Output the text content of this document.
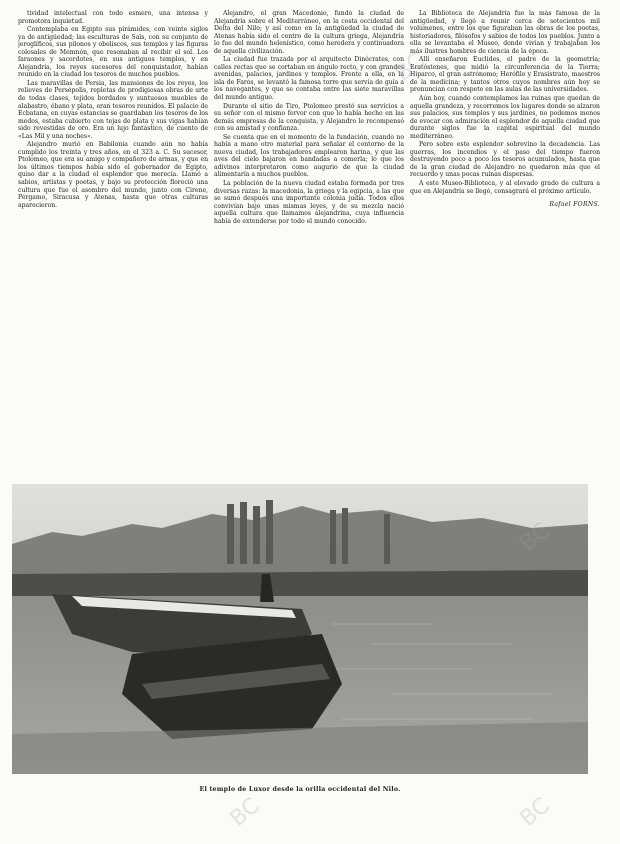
tividad intelectual con todo esmero, una intensa y promotora inquietud.

Contemplaba en Egipto sus pirámides, con veinte siglos ya de antigüedad; las esculturas de Saïs, con su conjunto de jeroglíficos, sus pilonos y obeliscos, sus templos y las figuras colosales de Memnón, que resonaban al recibir el sol. Los faraones y sacerdotes, en sus antiguos templos, y en Alejandría, los reyes sucesores del conquistador, habían reunido en la ciudad los tesoros de muchos pueblos.

Las maravillas de Persia, las mansiones de los reyes, los relieves de Persépolis, repletas de prodigiosas obras de arte de todas clases, tejidos bordados y suntuosos muebles de alabastro, ébano y plata, eran tesoros reunidos. El palacio de Ecbatana, en cuyas estancias se guardaban los tesoros de los medos, estaba cubierto con tejas de plata y sus vigas habían sido revestidas de oro. Era un lujo fantástico, de cuento de «Las Mil y una noches».

Alejandro murió en Babilonia cuando aún no había cumplido los treinta y tres años, en el 323 a. C. Su sucesor, Ptolomeo, que era su amigo y compañero de armas, y que en los últimos tiempos había sido el gobernador de Egipto, quiso dar a la ciudad el esplendor que merecía. Llamó a sabios, artistas y poetas, y bajo su protección floreció una cultura que fue el asombro del mundo, junto con Cirene, Pérgamo, Siracusa y Atenas, hasta que otras culturas aparecieron.

Alejandro, el gran Macedonio, fundó la ciudad de Alejandría sobre el Mediterráneo, en la costa occidental del Delta del Nilo; y así como en la antigüedad la ciudad de Atenas había sido el centro de la cultura griega, Alejandría lo fue del mundo helenístico, como heredera y continuadora de aquella civilización.

La ciudad fue trazada por el arquitecto Dinócrates, con calles rectas que se cortaban en ángulo recto, y con grandes avenidas, palacios, jardines y templos. Frente a ella, en la isla de Faros, se levantó la famosa torre que servía de guía a los navegantes, y que se contaba entre las siete maravillas del mundo antiguo.

Durante el sitio de Tiro, Ptolomeo prestó sus servicios a su señor con el mismo fervor con que lo había hecho en las demás empresas de la conquista, y Alejandro le recompensó con su amistad y confianza.

Se cuenta que en el momento de la fundación, cuando no había a mano otro material para señalar el contorno de la nueva ciudad, los trabajadores emplearon harina, y que las aves del cielo bajaron en bandadas a comerla; lo que los adivinos interpretaron como augurio de que la ciudad alimentaría a muchos pueblos.

La población de la nueva ciudad estaba formada por tres diversas razas: la macedonia, la griega y la egipcia, a las que se sumó después una importante colonia judía. Todos ellos convivían bajo unas mismas leyes, y de su mezcla nació aquella cultura que llamamos alejandrina, cuya influencia había de extenderse por todo el mundo conocido.

La Biblioteca de Alejandría fue la más famosa de la antigüedad, y llegó a reunir cerca de setecientos mil volúmenes, entre los que figuraban las obras de los poetas, historiadores, filósofos y sabios de todos los pueblos. Junto a ella se levantaba el Museo, donde vivían y trabajaban los más ilustres hombres de ciencia de la época.

Allí enseñaron Euclides, el padre de la geometría; Eratóstenes, que midió la circunferencia de la Tierra; Hiparco, el gran astrónomo; Herófilo y Erasístrato, maestros de la medicina; y tantos otros cuyos nombres aún hoy se pronuncian con respeto en las aulas de las universidades.

Aún hoy, cuando contemplamos las ruinas que quedan de aquella grandeza, y recorremos los lugares donde se alzaron sus palacios, sus templos y sus jardines, no podemos menos de evocar con admiración el esplendor de aquella ciudad que durante siglos fue la capital espiritual del mundo mediterráneo.

Pero sobre este esplendor sobrevino la decadencia. Las guerras, los incendios y el paso del tiempo fueron destruyendo poco a poco los tesoros acumulados, hasta que de la gran ciudad de Alejandro no quedaron más que el recuerdo y unas pocas ruinas dispersas.

A este Museo-Biblioteca, y al elevado grado de cultura a que en Alejandría se llegó, consagrará el próximo artículo.

Rafael FORNS.

El templo de Luxor desde la orilla occidental del Nilo.
BC
BC
BC	BC
